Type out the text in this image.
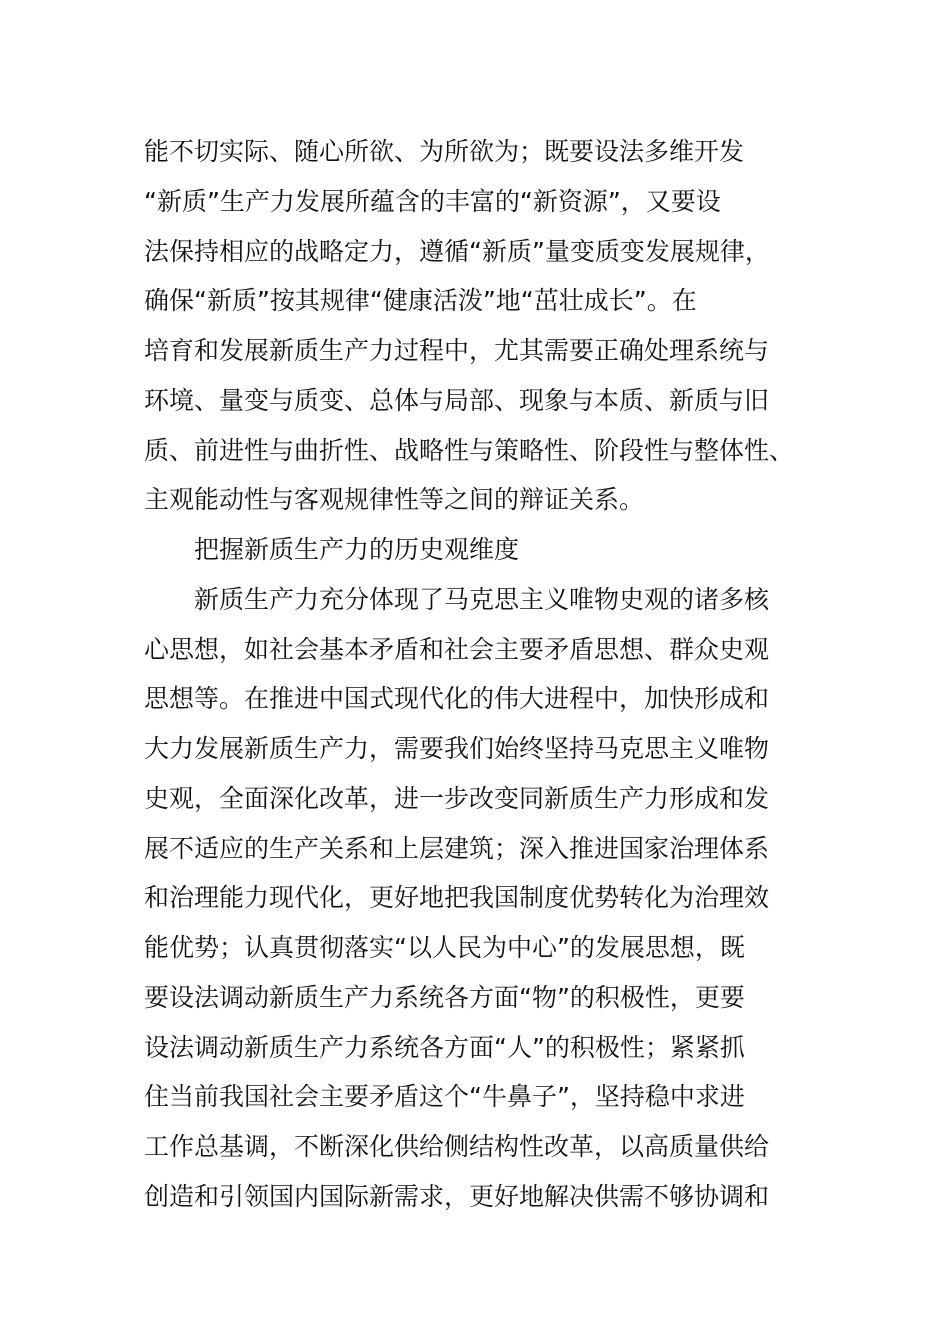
能不切实际、随心所欲、为所欲为；既要设法多维开发
“新质”生产力发展所蕴含的丰富的“新资源”，又要设
法保持相应的战略定力，遵循“新质”量变质变发展规律，
确保“新质”按其规律“健康活泼”地“茁壮成长”。在
培育和发展新质生产力过程中，尤其需要正确处理系统与
环境、量变与质变、总体与局部、现象与本质、新质与旧
质、前进性与曲折性、战略性与策略性、阶段性与整体性、
主观能动性与客观规律性等之间的辩证关系。
把握新质生产力的历史观维度
新质生产力充分体现了马克思主义唯物史观的诸多核
心思想，如社会基本矛盾和社会主要矛盾思想、群众史观
思想等。在推进中国式现代化的伟大进程中，加快形成和
大力发展新质生产力，需要我们始终坚持马克思主义唯物
史观，全面深化改革，进一步改变同新质生产力形成和发
展不适应的生产关系和上层建筑；深入推进国家治理体系
和治理能力现代化，更好地把我国制度优势转化为治理效
能优势；认真贯彻落实“以人民为中心”的发展思想，既
要设法调动新质生产力系统各方面“物”的积极性，更要
设法调动新质生产力系统各方面“人”的积极性；紧紧抓
住当前我国社会主要矛盾这个“牛鼻子”，坚持稳中求进
工作总基调，不断深化供给侧结构性改革，以高质量供给
创造和引领国内国际新需求，更好地解决供需不够协调和
